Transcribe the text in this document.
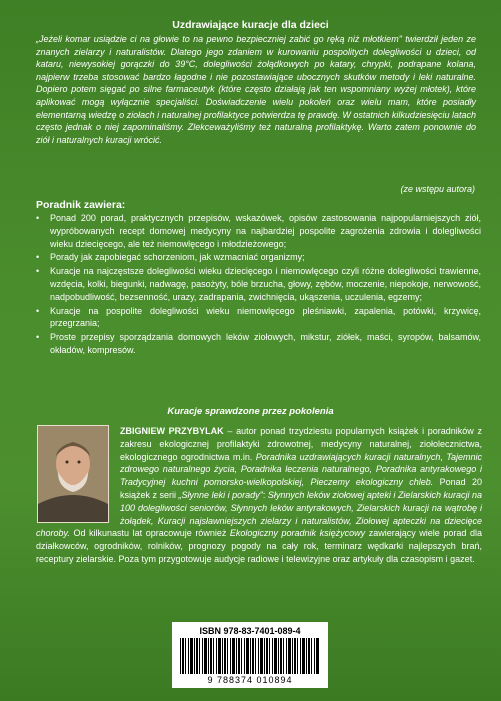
Uzdrawiające kuracje dla dzieci
„Jeżeli komar usiądzie ci na głowie to na pewno bezpieczniej zabić go ręką niż młotkiem" twierdził jeden ze znanych zielarzy i naturalistów. Dlatego jego zdaniem w kurowaniu pospolitych dolegliwości u dzieci, od kataru, niewysokiej gorączki do 39°C, dolegliwości żołądkowych po katary, chrypki, podrapane kolana, najpierw trzeba stosować bardzo łagodne i nie pozostawiające ubocznych skutków metody i leki naturalne. Dopiero potem sięgać po silne farmaceutyk (które często działają jak ten wspomniany wyżej młotek), które aplikować mogą wyłącznie specjaliści. Doświadczenie wielu pokoleń oraz wielu mam, które posiadły elementarną wiedzę o ziołach i naturalnej profilaktyce potwierdza tę prawdę. W ostatnich kilkudziesięciu latach często jednak o niej zapominaliśmy. Zlekceważyliśmy też naturalną profilaktykę. Warto zatem ponownie do ziół i naturalnych kuracji wrócić.
(ze wstępu autora)
Poradnik zawiera:
• Ponad 200 porad, praktycznych przepisów, wskazówek, opisów zastosowania najpopularniejszych ziół, wypróbowanych recept domowej medycyny na najbardziej pospolite zagrożenia zdrowia i dolegliwości wieku dziecięcego, ale też niemowlęcego i młodzieżowego;
• Porady jak zapobiegać schorzeniom, jak wzmacniać organizmy;
• Kuracje na najczęstsze dolegliwości wieku dziecięcego i niemowlęcego czyli różne dolegliwości trawienne, wzdęcia, kolki, biegunki, nadwagę, pasożyty, bóle brzucha, głowy, zębów, moczenie, niepokoje, nerwowość, nadpobudliwość, bezsenność, urazy, zadrapania, zwichnięcia, ukąszenia, uczulenia, egzemy;
• Kuracje na pospolite dolegliwości wieku niemowlęcego pleśniawki, zapalenia, potówki, krzywicę, przegrzania;
• Proste przepisy sporządzania domowych leków ziołowych, mikstur, ziółek, maści, syropów, balsamów, okładów, kompresów.
Kuracje sprawdzone przez pokolenia
ZBIGNIEW PRZYBYLAK – autor ponad trzydziestu popularnych książek i poradników z zakresu ekologicznej profilaktyki zdrowotnej, medycyny naturalnej, ziołolecznictwa, ekologicznego ogrodnictwa m.in. Poradnika uzdrawiających kuracji naturalnych, Tajemnic zdrowego naturalnego życia, Poradnika leczenia naturalnego, Poradnika antyrakowego i Tradycyjnej kuchni pomorsko-wielkopolskiej, Pieczemy ekologiczny chleb. Ponad 20 książek z serii „Słynne leki i porady": Słynnych leków ziołowej apteki i Zielarskich kuracji na 100 dolegliwości seniorów, Słynnych leków antyrakowych, Zielarskich kuracji na wątrobę i żołądek, Kuracji najsławniejszych zielarzy i naturalistów, Ziołowej apteczki na dziecięce choroby. Od kilkunastu lat opracowuje również Ekologiczny poradnik księżycowy zawierający wiele porad dla działkowców, ogrodników, rolników, prognozy pogody na cały rok, terminarz wędkarki najlepszych brań, receptury zielarskie. Poza tym przygotowuje audycje radiowe i telewizyjne oraz artykuły dla czasopism i gazet.
ISBN 978-83-7401-089-4
9 788374 010894
